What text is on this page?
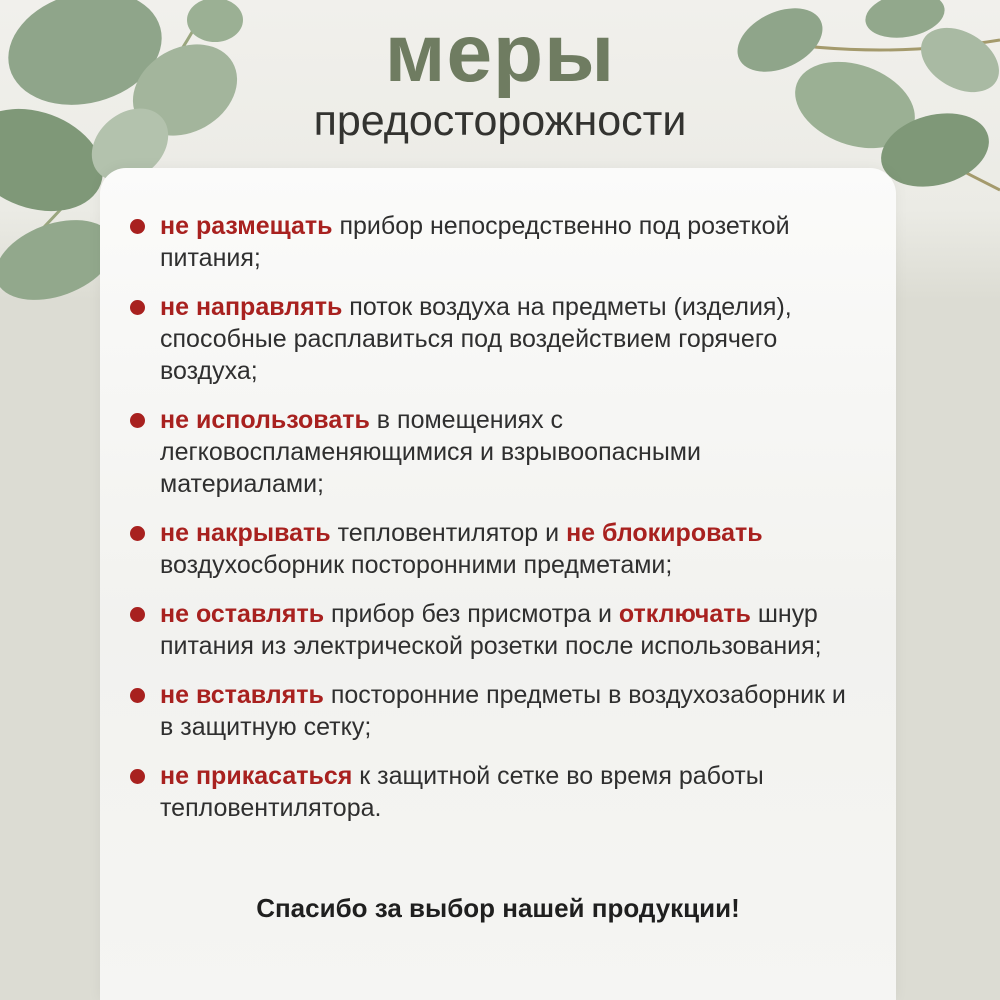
меры
предосторожности
не размещать прибор непосредственно под розеткой питания;
не направлять поток воздуха на предметы (изделия), способные расплавиться под воздействием горячего воздуха;
не использовать в помещениях с легковоспламеняющимися и взрывоопасными материалами;
не накрывать тепловентилятор и не блокировать воздухосборник посторонними предметами;
не оставлять прибор без присмотра и отключать шнур питания из электрической розетки после использования;
не вставлять посторонние предметы в воздухозаборник и в защитную сетку;
не прикасаться к защитной сетке во время работы тепловентилятора.
Спасибо за выбор нашей продукции!
